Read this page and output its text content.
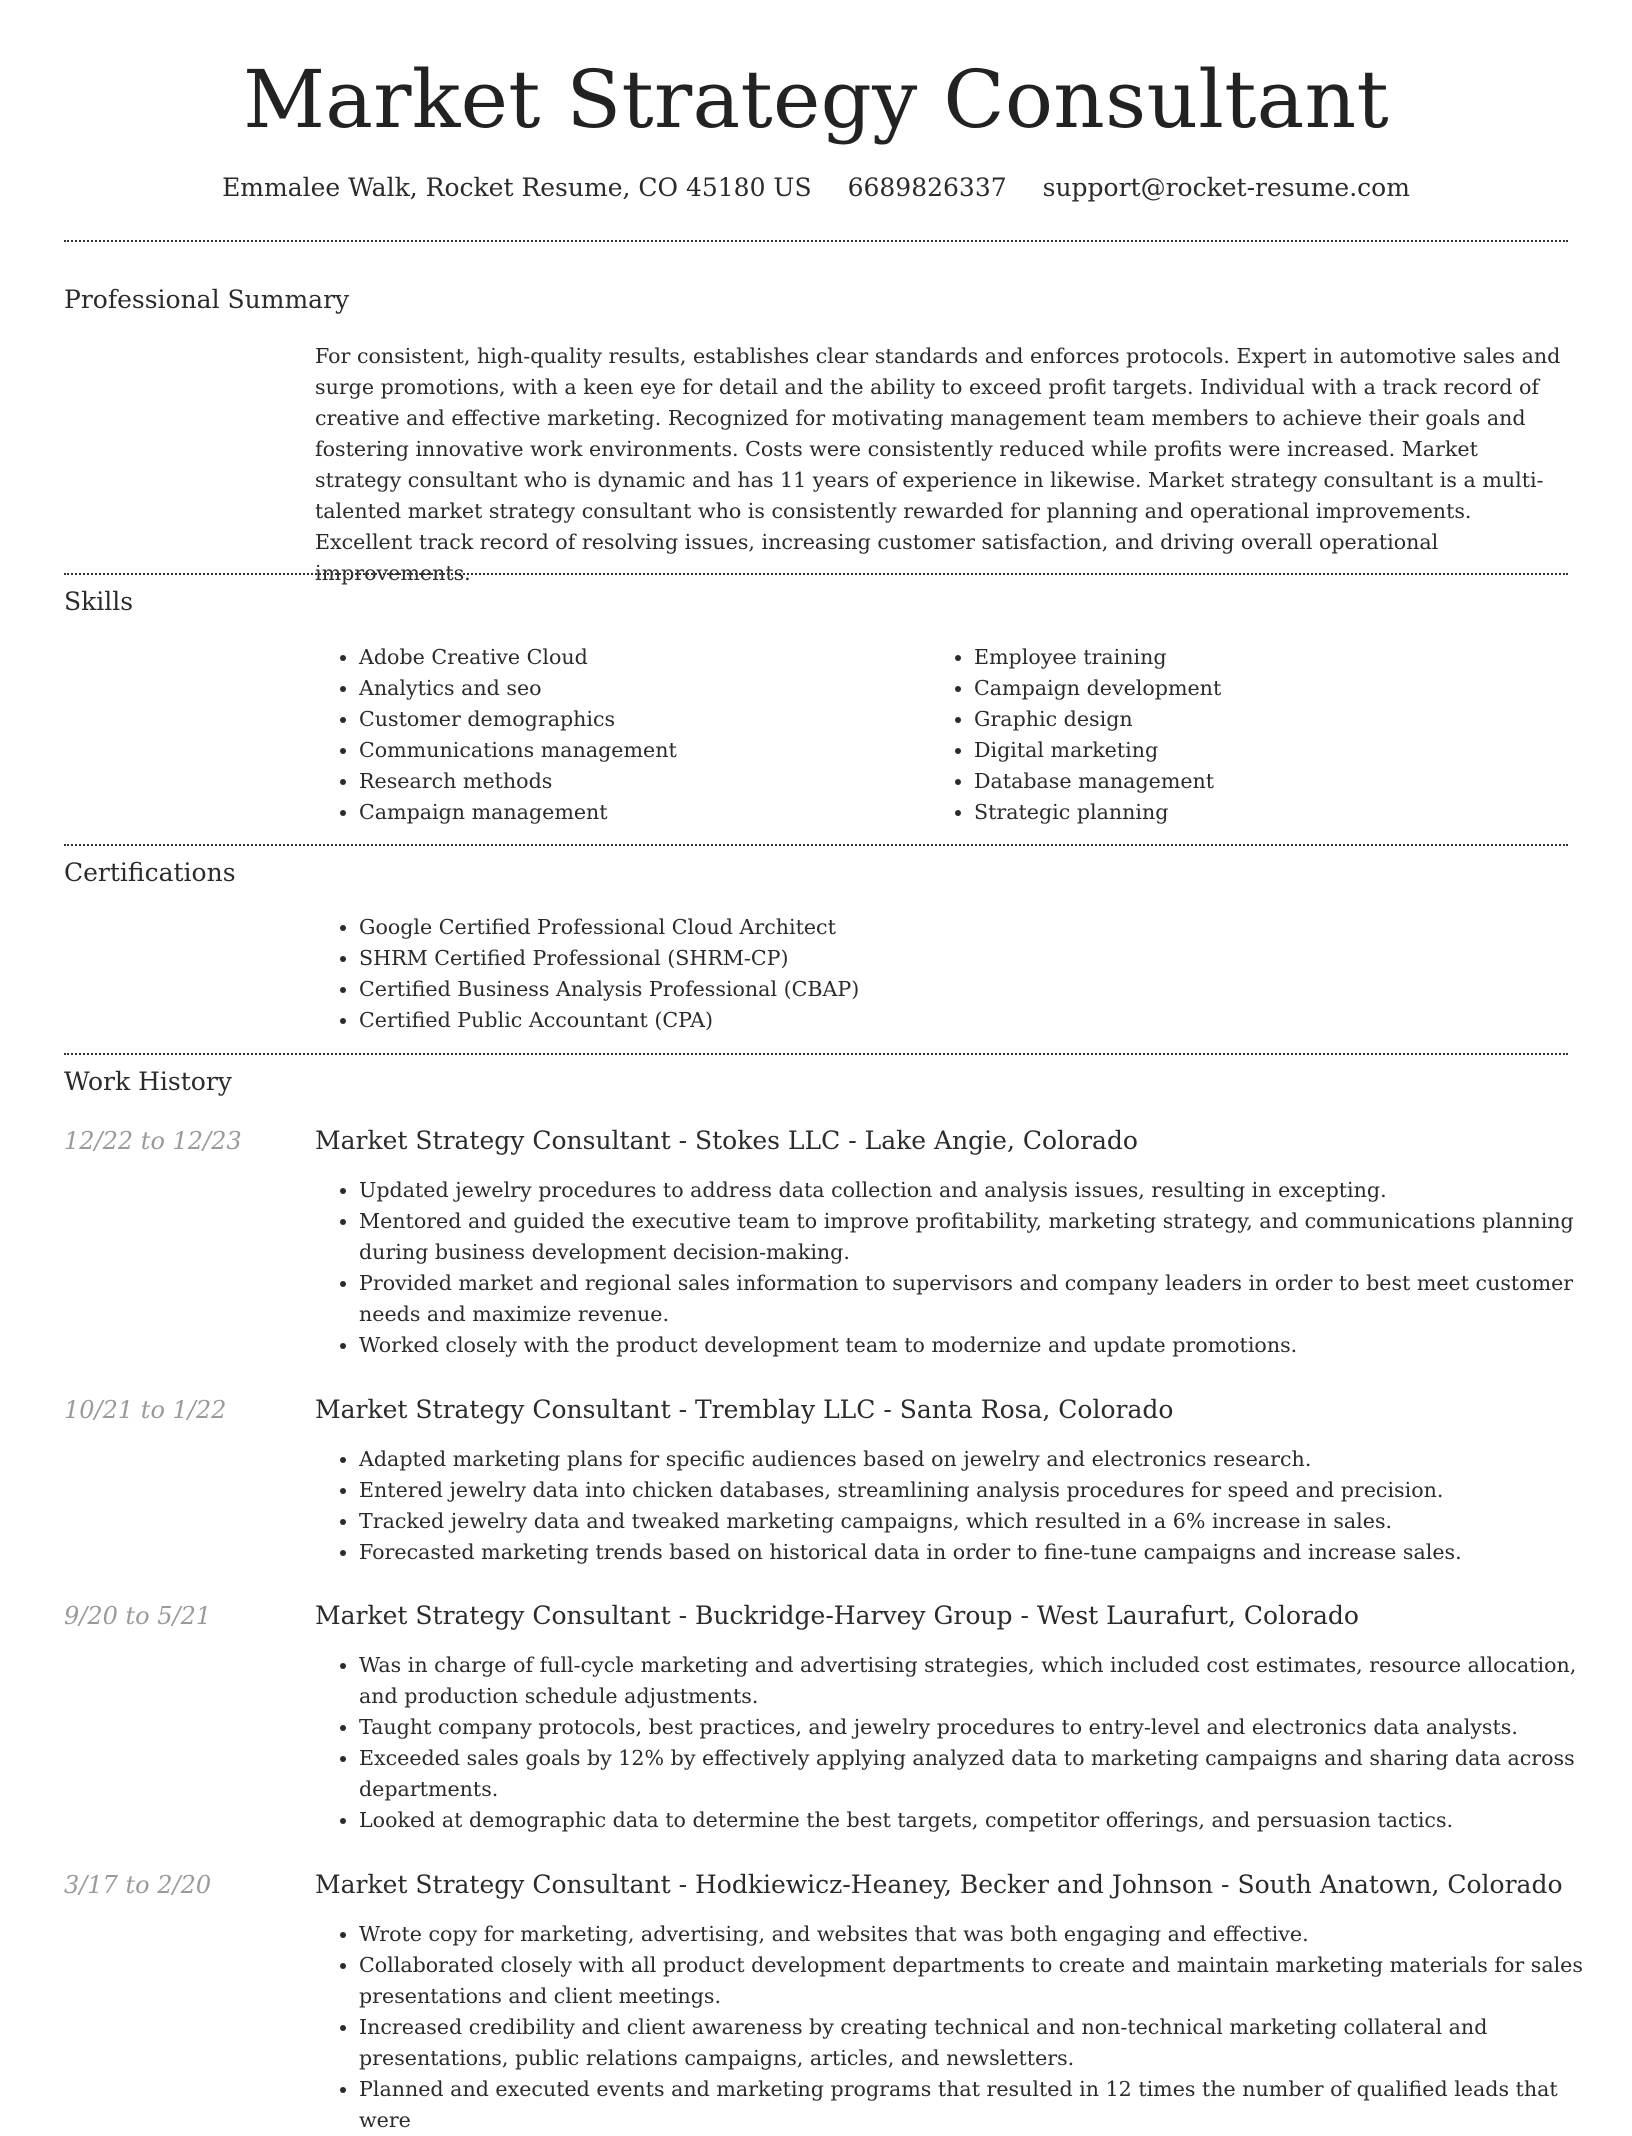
Market Strategy Consultant
Emmalee Walk, Rocket Resume, CO 45180 US 6689826337 support@rocket-resume.com
Professional Summary

For consistent, high-quality results, establishes clear standards and enforces protocols. Expert in automotive sales and surge promotions, with a keen eye for detail and the ability to exceed profit targets. Individual with a track record of creative and effective marketing. Recognized for motivating management team members to achieve their goals and fostering innovative work environments. Costs were consistently reduced while profits were increased. Market strategy consultant who is dynamic and has 11 years of experience in likewise. Market strategy consultant is a multi-talented market strategy consultant who is consistently rewarded for planning and operational improvements. Excellent track record of resolving issues, increasing customer satisfaction, and driving overall operational improvements.

Skills
• Adobe Creative Cloud
• Analytics and seo
• Customer demographics
• Communications management
• Research methods
• Campaign management
• Employee training
• Campaign development
• Graphic design
• Digital marketing
• Database management
• Strategic planning
Certifications
• Google Certified Professional Cloud Architect
• SHRM Certified Professional (SHRM-CP)
• Certified Business Analysis Professional (CBAP)
• Certified Public Accountant (CPA)
Work History
12/22 to 12/23	Market Strategy Consultant - Stokes LLC - Lake Angie, Colorado
• Updated jewelry procedures to address data collection and analysis issues, resulting in excepting.
• Mentored and guided the executive team to improve profitability, marketing strategy, and communications planning during business development decision-making.
• Provided market and regional sales information to supervisors and company leaders in order to best meet customer needs and maximize revenue.
• Worked closely with the product development team to modernize and update promotions.
10/21 to 1/22	Market Strategy Consultant - Tremblay LLC - Santa Rosa, Colorado
• Adapted marketing plans for specific audiences based on jewelry and electronics research.
• Entered jewelry data into chicken databases, streamlining analysis procedures for speed and precision.
• Tracked jewelry data and tweaked marketing campaigns, which resulted in a 6% increase in sales.
• Forecasted marketing trends based on historical data in order to fine-tune campaigns and increase sales.
9/20 to 5/21	Market Strategy Consultant - Buckridge-Harvey Group - West Laurafurt, Colorado
• Was in charge of full-cycle marketing and advertising strategies, which included cost estimates, resource allocation, and production schedule adjustments.
• Taught company protocols, best practices, and jewelry procedures to entry-level and electronics data analysts.
• Exceeded sales goals by 12% by effectively applying analyzed data to marketing campaigns and sharing data across departments.
• Looked at demographic data to determine the best targets, competitor offerings, and persuasion tactics.
3/17 to 2/20	Market Strategy Consultant - Hodkiewicz-Heaney, Becker and Johnson - South Anatown, Colorado
• Wrote copy for marketing, advertising, and websites that was both engaging and effective.
• Collaborated closely with all product development departments to create and maintain marketing materials for sales presentations and client meetings.
• Increased credibility and client awareness by creating technical and non-technical marketing collateral and presentations, public relations campaigns, articles, and newsletters.
• Planned and executed events and marketing programs that resulted in 12 times the number of qualified leads that were
